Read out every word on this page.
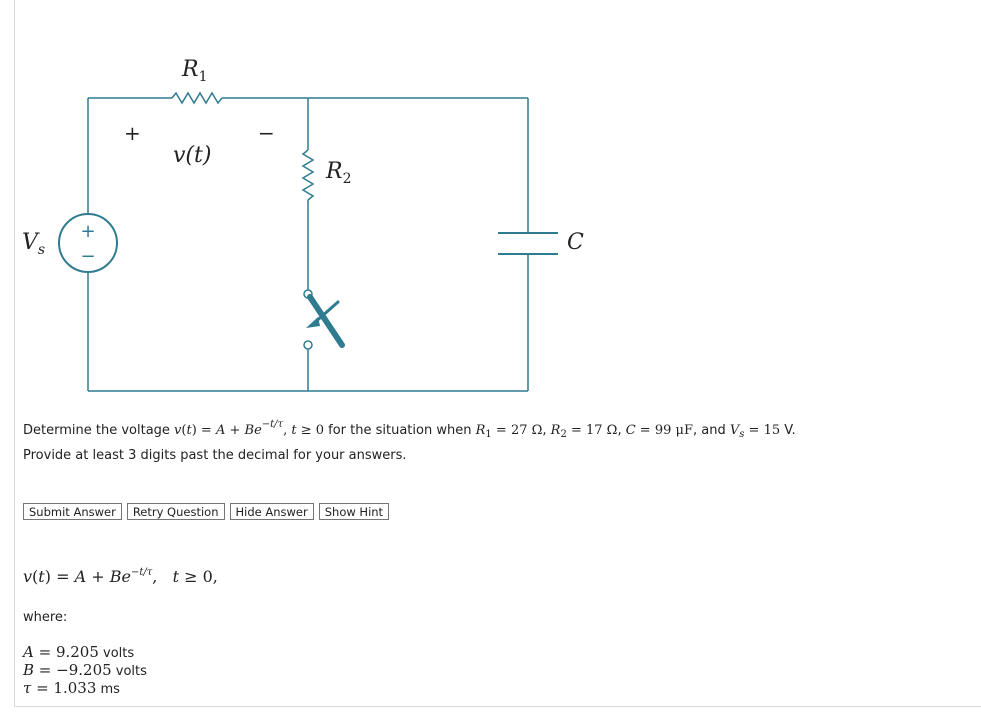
+
−
$R_1$
$R_2$
C
$V_s$
v(t)
+	−
Determine the voltage $v(t) = A + Be^{-t/\tau}$, t ≥ 0 for the situation when $R_1 = 27$ Ω, $R_2 = 17$ Ω, C = 99 μF, and $V_s = 15$ V.
Provide at least 3 digits past the decimal for your answers.
Submit Answer	Retry Question	Hide Answer	Show Hint
$v(t) = A + Be^{-t/\tau}$,   t ≥ 0,
where:
A = 9.205 volts
B = −9.205 volts
τ = 1.033 ms
